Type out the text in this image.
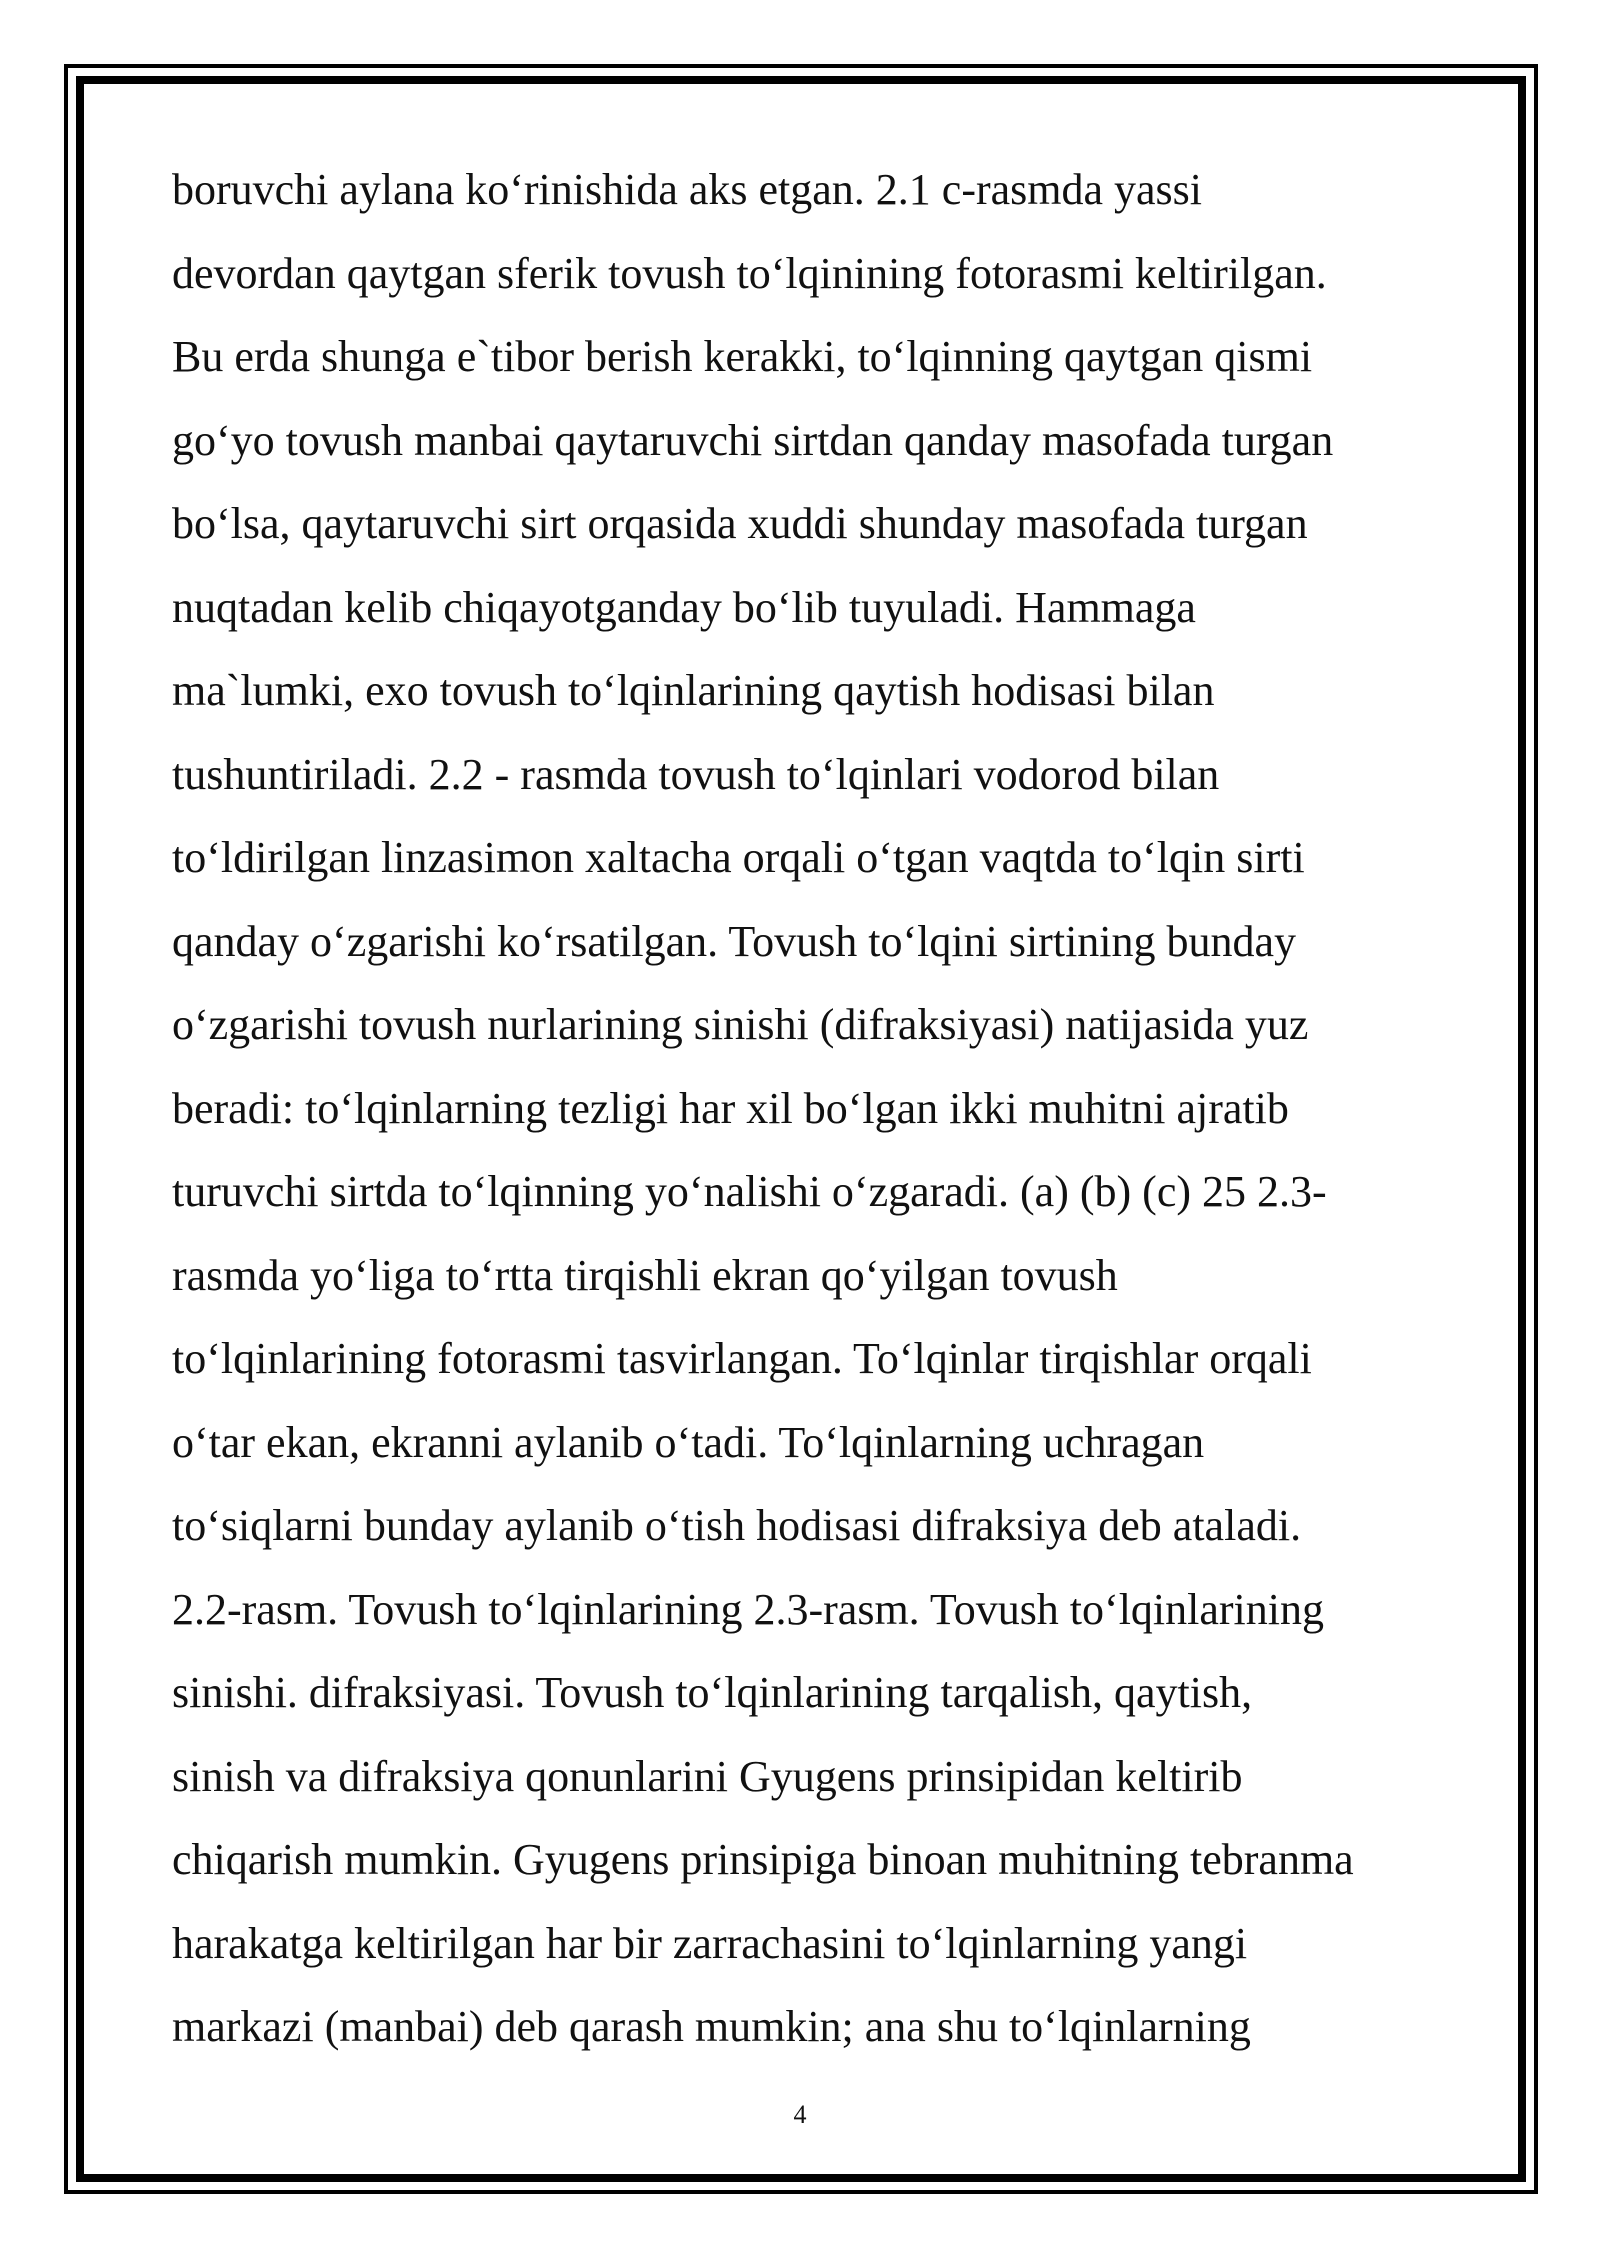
boruvchi aylana koʻrinishida aks etgan. 2.1 c-rasmda yassi
devordan qaytgan sferik tovush toʻlqinining fotorasmi keltirilgan.
Bu erda shunga e`tibor berish kerakki, toʻlqinning qaytgan qismi
goʻyo tovush manbai qaytaruvchi sirtdan qanday masofada turgan
boʻlsa, qaytaruvchi sirt orqasida xuddi shunday masofada turgan
nuqtadan kelib chiqayotganday boʻlib tuyuladi. Hammaga
ma`lumki, exo tovush toʻlqinlarining qaytish hodisasi bilan
tushuntiriladi. 2.2 - rasmda tovush toʻlqinlari vodorod bilan
toʻldirilgan linzasimon xaltacha orqali oʻtgan vaqtda toʻlqin sirti
qanday oʻzgarishi koʻrsatilgan. Tovush toʻlqini sirtining bunday
oʻzgarishi tovush nurlarining sinishi (difraksiyasi) natijasida yuz
beradi: toʻlqinlarning tezligi har xil boʻlgan ikki muhitni ajratib
turuvchi sirtda toʻlqinning yoʻnalishi oʻzgaradi. (a) (b) (c) 25 2.3-
rasmda yoʻliga toʻrtta tirqishli ekran qoʻyilgan tovush
toʻlqinlarining fotorasmi tasvirlangan. Toʻlqinlar tirqishlar orqali
oʻtar ekan, ekranni aylanib oʻtadi. Toʻlqinlarning uchragan
toʻsiqlarni bunday aylanib oʻtish hodisasi difraksiya deb ataladi.
2.2-rasm. Tovush toʻlqinlarining 2.3-rasm. Tovush toʻlqinlarining
sinishi. difraksiyasi. Tovush toʻlqinlarining tarqalish, qaytish,
sinish va difraksiya qonunlarini Gyugens prinsipidan keltirib
chiqarish mumkin. Gyugens prinsipiga binoan muhitning tebranma
harakatga keltirilgan har bir zarrachasini toʻlqinlarning yangi
markazi (manbai) deb qarash mumkin; ana shu toʻlqinlarning
4
